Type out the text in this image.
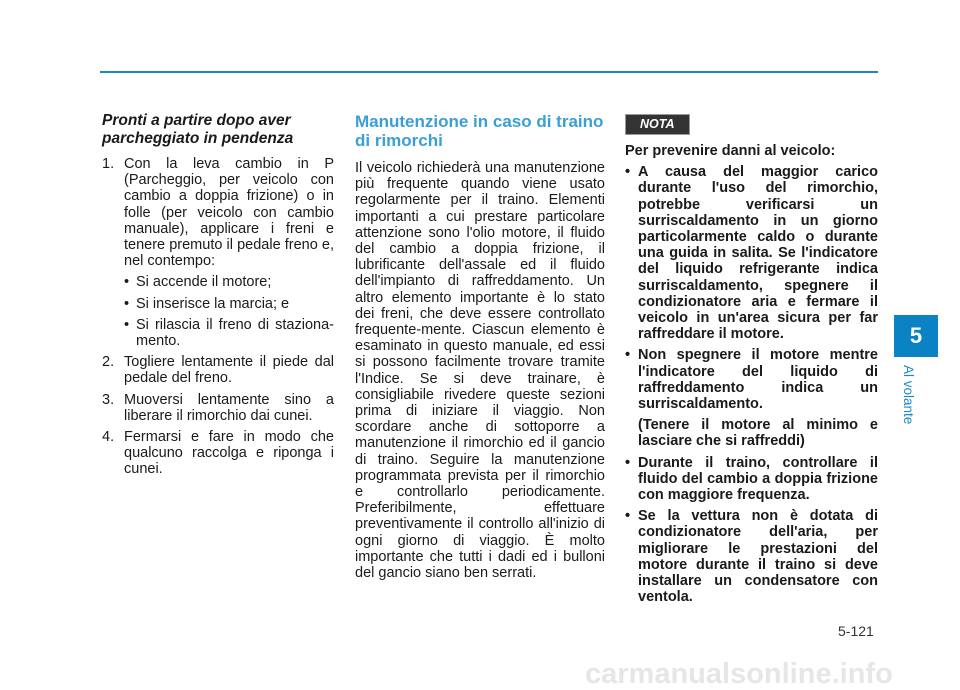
Pronti a partire dopo aver parcheggiato in pendenza
1. Con la leva cambio in P (Parcheggio, per veicolo con cambio a doppia frizione) o in folle (per veicolo con cambio manuale), applicare i freni e tenere premuto il pedale freno e, nel contempo:
• Si accende il motore;
• Si inserisce la marcia; e
• Si rilascia il freno di staziona-mento.
2. Togliere lentamente il piede dal pedale del freno.
3. Muoversi lentamente sino a liberare il rimorchio dai cunei.
4. Fermarsi e fare in modo che qualcuno raccolga e riponga i cunei.
Manutenzione in caso di traino di rimorchi

Il veicolo richiederà una manutenzione più frequente quando viene usato regolarmente per il traino. Elementi importanti a cui prestare particolare attenzione sono l'olio motore, il fluido del cambio a doppia frizione, il lubrificante dell'assale ed il fluido dell'impianto di raffreddamento. Un altro elemento importante è lo stato dei freni, che deve essere controllato frequente-mente. Ciascun elemento è esaminato in questo manuale, ed essi si possono facilmente trovare tramite l'Indice. Se si deve trainare, è consigliabile rivedere queste sezioni prima di iniziare il viaggio. Non scordare anche di sottoporre a manutenzione il rimorchio ed il gancio di traino. Seguire la manutenzione programmata prevista per il rimorchio e controllarlo periodicamente. Preferibilmente, effettuare preventivamente il controllo all'inizio di ogni giorno di viaggio. È molto importante che tutti i dadi ed i bulloni del gancio siano ben serrati.

NOTA

Per prevenire danni al veicolo:

• A causa del maggior carico durante l'uso del rimorchio, potrebbe verificarsi un surriscaldamento in un giorno particolarmente caldo o durante una guida in salita. Se l'indicatore del liquido refrigerante indica surriscaldamento, spegnere il condizionatore aria e fermare il veicolo in un'area sicura per far raffreddare il motore.
• Non spegnere il motore mentre l'indicatore del liquido di raffreddamento indica un surriscaldamento.

(Tenere il motore al minimo e lasciare che si raffreddi)

• Durante il traino, controllare il fluido del cambio a doppia frizione con maggiore frequenza.
• Se la vettura non è dotata di condizionatore dell'aria, per migliorare le prestazioni del motore durante il traino si deve installare un condensatore con ventola.
5
Al volante
5-121
carmanualsonline.info
